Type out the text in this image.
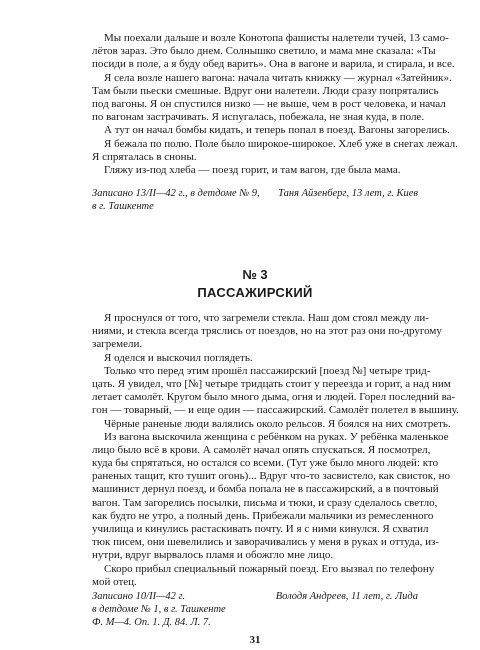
Мы поехали дальше и возле Конотопа фашисты налетели тучей, 13 само-

лётов зараз. Это было днем. Солнышко светило, и мама мне сказала: «Ты

посиди в поле, а я буду обед варить». Она в вагоне и варила, и стирала, и все.

Я села возле нашего вагона: начала читать книжку — журнал «Затейник».

Там были пьески смешные. Вдруг они налетели. Люди сразу попрятались

под вагоны. Я он спустился низко — не выше, чем в рост человека, и начал

по вагонам застрачивать. Я испугалась, побежала, не зная куда, в поле.

А тут он начал бомбы кидать, и теперь попал в поезд. Вагоны загорелись.

Я бежала по полю. Поле было широкое-широкое. Хлеб уже в снегах лежал.

Я спряталась в сноны.

Гляжу из-под хлеба — поезд горит, и там вагон, где была мама.

Записано 13/II—42 г., в детдоме № 9,

в г. Ташкенте

Таня Айзенберг, 13 лет, г. Киев

№ 3

ПАССАЖИРСКИЙ

Я проснулся от того, что загремели стекла. Наш дом стоял между ли-

ниями, и стекла всегда тряслись от поездов, но на этот раз они по-другому

загремели.

Я оделся и выскочил поглядеть.

Только что перед этим прошёл пассажирский [поезд №] четыре трид-

цать. Я увидел, что [№] четыре тридцать стоит у переезда и горит, а над ним

летает самолёт. Кругом было много дыма, огня и людей. Горел последний ва-

гон — товарный, — и еще один — пассажирский. Самолёт полетел в вышину.

Чёрные раненые люди валялись около рельсов. Я боялся на них смотреть.

Из вагона выскочила женщина с ребёнком на руках. У ребёнка маленькое

лицо было всё в крови. А самолёт начал опять спускаться. Я посмотрел,

куда бы спрятаться, но остался со всеми. (Тут уже было много людей: кто

раненых тащит, кто тушит огонь)... Вдруг что-то засвистело, как свисток, но

машинист дернул поезд, и бомба попала не в пассажирский, а в почтовый

вагон. Там загорелись посылки, письма и тюки, и сразу сделалось светло,

как будто не утро, а полный день. Прибежали мальчики из ремесленного

училища и кинулись растаскивать почту. И я с ними кинулся. Я схватил

тюк писем, они шевелились и заворачивались у меня в руках и оттуда, из-

нутри, вдруг вырвалось пламя и обожгло мне лицо.

Скоро прибыл специальный пожарный поезд. Его вызвал по телефону

мой отец.

Записано 10/II—42 г.

в детдоме № 1, в г. Ташкенте

Ф. М—4. Оп. 1. Д. 84. Л. 7.

Володя Андреев, 11 лет, г. Лида

31
